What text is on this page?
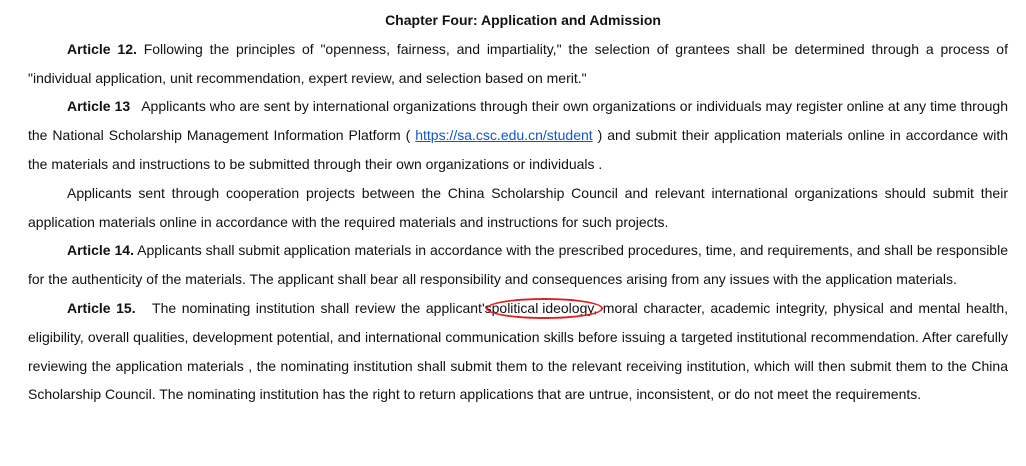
Chapter Four: Application and Admission

Article 12. Following the principles of "openness, fairness, and impartiality," the selection of grantees shall be determined through a process of "individual application, unit recommendation, expert review, and selection based on merit."

Article 13   Applicants who are sent by international organizations through their own organizations or individuals may register online at any time through the National Scholarship Management Information Platform ( https://sa.csc.edu.cn/student ) and submit their application materials online in accordance with the materials and instructions to be submitted through their own organizations or individuals .

Applicants sent through cooperation projects between the China Scholarship Council and relevant international organizations should submit their application materials online in accordance with the required materials and instructions for such projects.

Article 14. Applicants shall submit application materials in accordance with the prescribed procedures, time, and requirements, and shall be responsible for the authenticity of the materials. The applicant shall bear all responsibility and consequences arising from any issues with the application materials.

Article 15.   The nominating institution shall review the applicant'spolitical ideology, moral character, academic integrity, physical and mental health, eligibility, overall qualities, development potential, and international communication skills before issuing a targeted institutional recommendation. After carefully reviewing the application materials , the nominating institution shall submit them to the relevant receiving institution, which will then submit them to the China Scholarship Council. The nominating institution has the right to return applications that are untrue, inconsistent, or do not meet the requirements.
